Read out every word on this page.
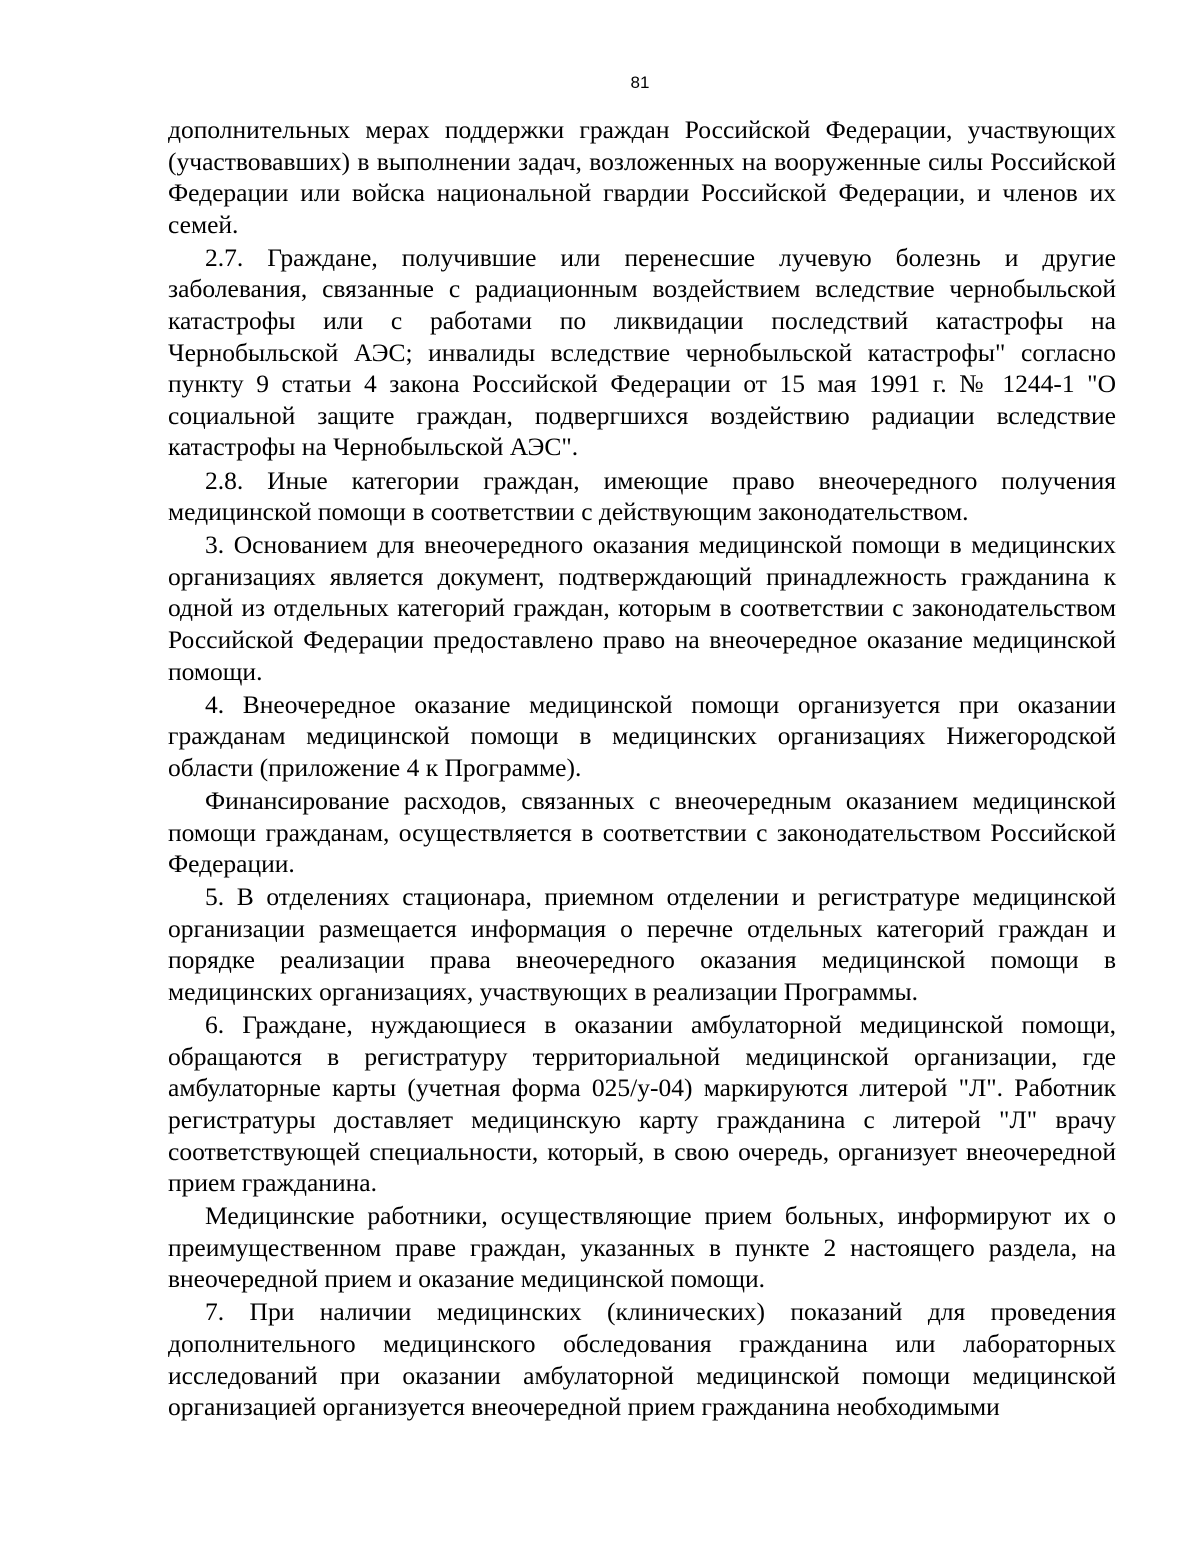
81

дополнительных мерах поддержки граждан Российской Федерации, участвующих (участвовавших) в выполнении задач, возложенных на вооруженные силы Российской Федерации или войска национальной гвардии Российской Федерации, и членов их семей.

2.7. Граждане, получившие или перенесшие лучевую болезнь и другие заболевания, связанные с радиационным воздействием вследствие чернобыльской катастрофы или с работами по ликвидации последствий катастрофы на Чернобыльской АЭС; инвалиды вследствие чернобыльской катастрофы" согласно пункту 9 статьи 4 закона Российской Федерации от 15 мая 1991 г. № 1244-1 "О социальной защите граждан, подвергшихся воздействию радиации вследствие катастрофы на Чернобыльской АЭС".

2.8. Иные категории граждан, имеющие право внеочередного получения медицинской помощи в соответствии с действующим законодательством.

3. Основанием для внеочередного оказания медицинской помощи в медицинских организациях является документ, подтверждающий принадлежность гражданина к одной из отдельных категорий граждан, которым в соответствии с законодательством Российской Федерации предоставлено право на внеочередное оказание медицинской помощи.

4. Внеочередное оказание медицинской помощи организуется при оказании гражданам медицинской помощи в медицинских организациях Нижегородской области (приложение 4 к Программе).

Финансирование расходов, связанных с внеочередным оказанием медицинской помощи гражданам, осуществляется в соответствии с законодательством Российской Федерации.

5. В отделениях стационара, приемном отделении и регистратуре медицинской организации размещается информация о перечне отдельных категорий граждан и порядке реализации права внеочередного оказания медицинской помощи в медицинских организациях, участвующих в реализации Программы.

6. Граждане, нуждающиеся в оказании амбулаторной медицинской помощи, обращаются в регистратуру территориальной медицинской организации, где амбулаторные карты (учетная форма 025/у-04) маркируются литерой "Л". Работник регистратуры доставляет медицинскую карту гражданина с литерой "Л" врачу соответствующей специальности, который, в свою очередь, организует внеочередной прием гражданина.

Медицинские работники, осуществляющие прием больных, информируют их о преимущественном праве граждан, указанных в пункте 2 настоящего раздела, на внеочередной прием и оказание медицинской помощи.

7. При наличии медицинских (клинических) показаний для проведения дополнительного медицинского обследования гражданина или лабораторных исследований при оказании амбулаторной медицинской помощи медицинской организацией организуется внеочередной прием гражданина необходимыми
